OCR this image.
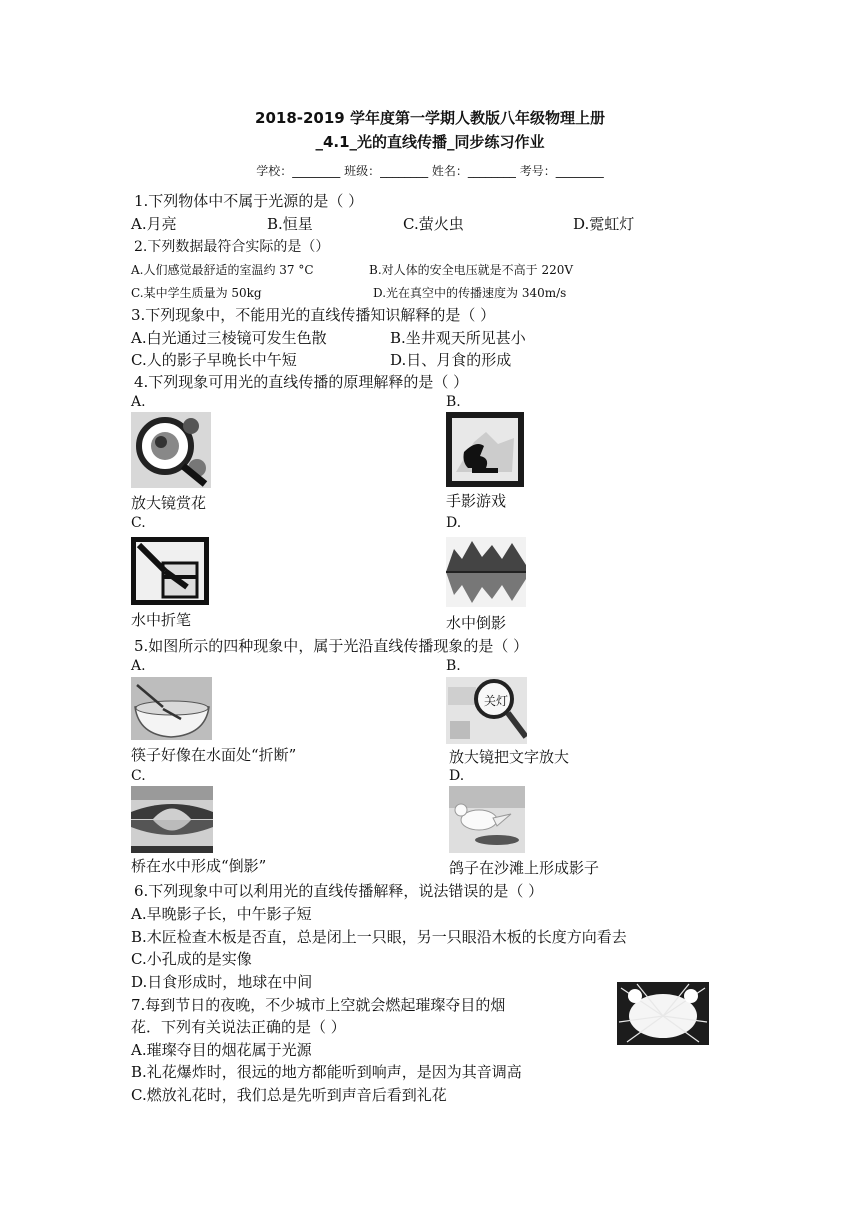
2018-2019 学年度第一学期人教版八年级物理上册
_4.1_光的直线传播_同步练习作业
学校：________ 班级：________ 姓名：________ 考号：________
1.下列物体中不属于光源的是（ ）
A.月亮	B.恒星	C.萤火虫	D.霓虹灯
2.下列数据最符合实际的是（）
A.人们感觉最舒适的室温约 37 °C	B.对人体的安全电压就是不高于 220V
C.某中学生质量为 50kg	D.光在真空中的传播速度为 340m/s
3.下列现象中，不能用光的直线传播知识解释的是（ ）
A.白光通过三棱镜可发生色散	B.坐井观天所见甚小
C.人的影子早晚长中午短	D.日、月食的形成
4.下列现象可用光的直线传播的原理解释的是（ ）
A.	B.
放大镜赏花	手影游戏
C.	D.
水中折笔	水中倒影
5.如图所示的四种现象中，属于光沿直线传播现象的是（ ）
A.	B.
关灯
筷子好像在水面处“折断”	放大镜把文字放大
C.	D.
桥在水中形成“倒影”	鸽子在沙滩上形成影子
6.下列现象中可以利用光的直线传播解释，说法错误的是（ ）
A.早晚影子长，中午影子短
B.木匠检查木板是否直，总是闭上一只眼，另一只眼沿木板的长度方向看去
C.小孔成的是实像
D.日食形成时，地球在中间
7.每到节日的夜晚，不少城市上空就会燃起璀璨夺目的烟
花．下列有关说法正确的是（ ）
A.璀璨夺目的烟花属于光源
B.礼花爆炸时，很远的地方都能听到响声，是因为其音调高
C.燃放礼花时，我们总是先听到声音后看到礼花
